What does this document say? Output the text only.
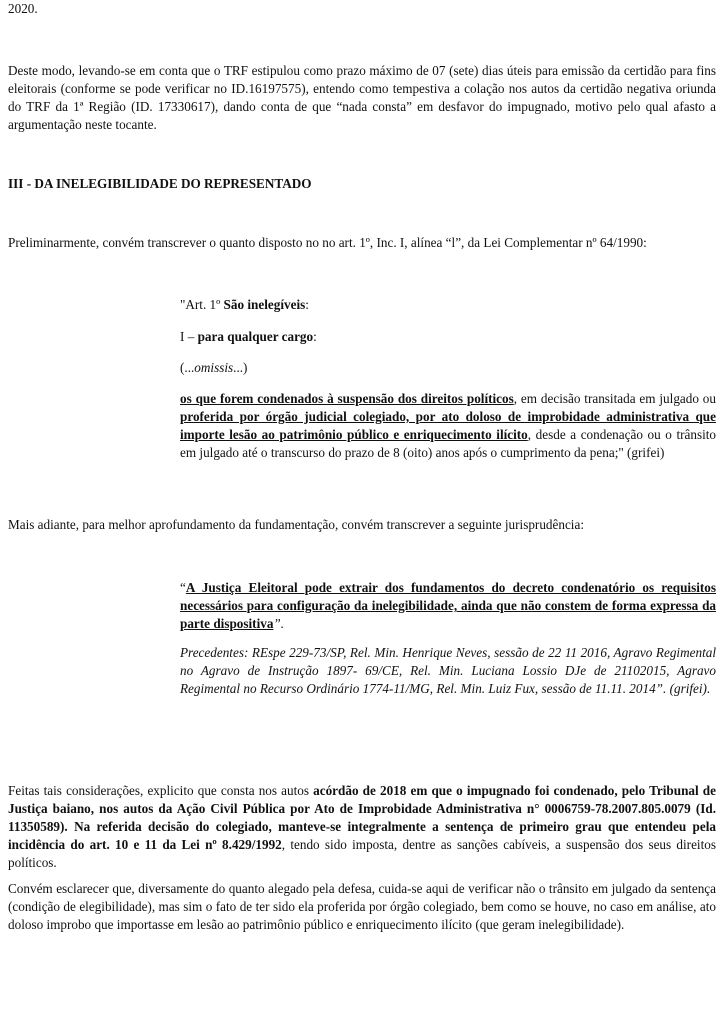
2020.

Deste modo, levando-se em conta que o TRF estipulou como prazo máximo de 07 (sete) dias úteis para emissão da certidão para fins eleitorais (conforme se pode verificar no ID.16197575), entendo como tempestiva a colação nos autos da certidão negativa oriunda do TRF da 1ª Região (ID. 17330617), dando conta de que “nada consta” em desfavor do impugnado, motivo pelo qual afasto a argumentação neste tocante.

III - DA INELEGIBILIDADE DO REPRESENTADO

Preliminarmente, convém transcrever o quanto disposto no no art. 1º, Inc. I, alínea “l”, da Lei Complementar nº 64/1990:

"Art. 1º São inelegíveis:

I – para qualquer cargo:

(...omissis...)

os que forem condenados à suspensão dos direitos políticos, em decisão transitada em julgado ou proferida por órgão judicial colegiado, por ato doloso de improbidade administrativa que importe lesão ao patrimônio público e enriquecimento ilícito, desde a condenação ou o trânsito em julgado até o transcurso do prazo de 8 (oito) anos após o cumprimento da pena;" (grifei)

Mais adiante, para melhor aprofundamento da fundamentação, convém transcrever a seguinte jurisprudência:

“A Justiça Eleitoral pode extrair dos fundamentos do decreto condenatório os requisitos necessários para configuração da inelegibilidade, ainda que não constem de forma expressa da parte dispositiva”.

Precedentes: REspe 229-73/SP, Rel. Min. Henrique Neves, sessão de 22 11 2016, Agravo Regimental no Agravo de Instrução 1897- 69/CE, Rel. Min. Luciana Lossio DJe de 21102015, Agravo Regimental no Recurso Ordinário 1774-11/MG, Rel. Min. Luiz Fux, sessão de 11.11. 2014”. (grifei).

Feitas tais considerações, explicito que consta nos autos acórdão de 2018 em que o impugnado foi condenado, pelo Tribunal de Justiça baiano, nos autos da Ação Civil Pública por Ato de Improbidade Administrativa n° 0006759-78.2007.805.0079 (Id. 11350589). Na referida decisão do colegiado, manteve-se integralmente a sentença de primeiro grau que entendeu pela incidência do art. 10 e 11 da Lei nº 8.429/1992, tendo sido imposta, dentre as sanções cabíveis, a suspensão dos seus direitos políticos.

Convém esclarecer que, diversamente do quanto alegado pela defesa, cuida-se aqui de verificar não o trânsito em julgado da sentença (condição de elegibilidade), mas sim o fato de ter sido ela proferida por órgão colegiado, bem como se houve, no caso em análise, ato doloso improbo que importasse em lesão ao patrimônio público e enriquecimento ilícito (que geram inelegibilidade).
